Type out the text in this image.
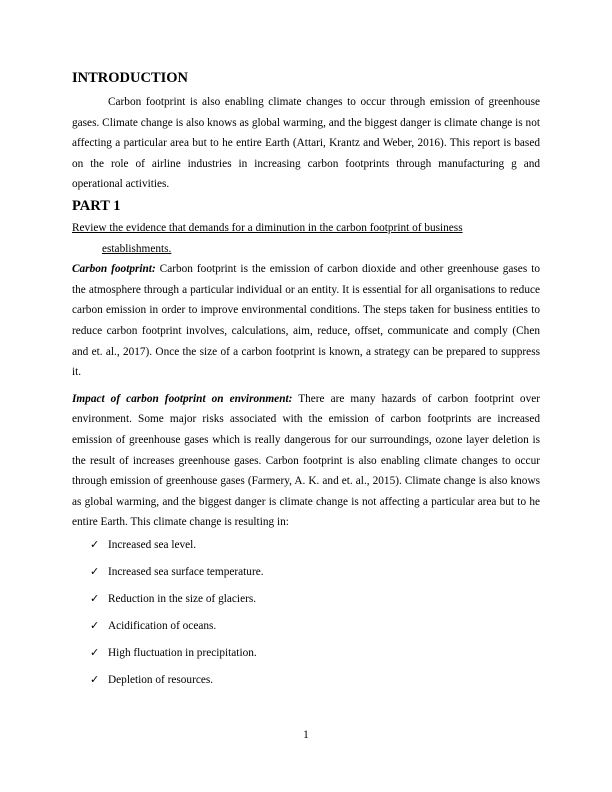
INTRODUCTION

Carbon footprint is also enabling climate changes to occur through emission of greenhouse gases. Climate change is also knows as global warming, and the biggest danger is climate change is not affecting a particular area but to he entire Earth (Attari, Krantz and Weber, 2016). This report is based on the role of airline industries in increasing carbon footprints through manufacturing g and operational activities.

PART 1
Review the evidence that demands for a diminution in the carbon footprint of business
establishments.

Carbon footprint: Carbon footprint is the emission of carbon dioxide and other greenhouse gases to the atmosphere through a particular individual or an entity. It is essential for all organisations to reduce carbon emission in order to improve environmental conditions. The steps taken for business entities to reduce carbon footprint involves, calculations, aim, reduce, offset, communicate and comply (Chen and et. al., 2017). Once the size of a carbon footprint is known, a strategy can be prepared to suppress it.

Impact of carbon footprint on environment: There are many hazards of carbon footprint over environment. Some major risks associated with the emission of carbon footprints are increased emission of greenhouse gases which is really dangerous for our surroundings, ozone layer deletion is the result of increases greenhouse gases. Carbon footprint is also enabling climate changes to occur through emission of greenhouse gases (Farmery, A. K. and et. al., 2015). Climate change is also knows as global warming, and the biggest danger is climate change is not affecting a particular area but to he entire Earth. This climate change is resulting in:

✓ Increased sea level.
✓ Increased sea surface temperature.
✓ Reduction in the size of glaciers.
✓ Acidification of oceans.
✓ High fluctuation in precipitation.
✓ Depletion of resources.
1
